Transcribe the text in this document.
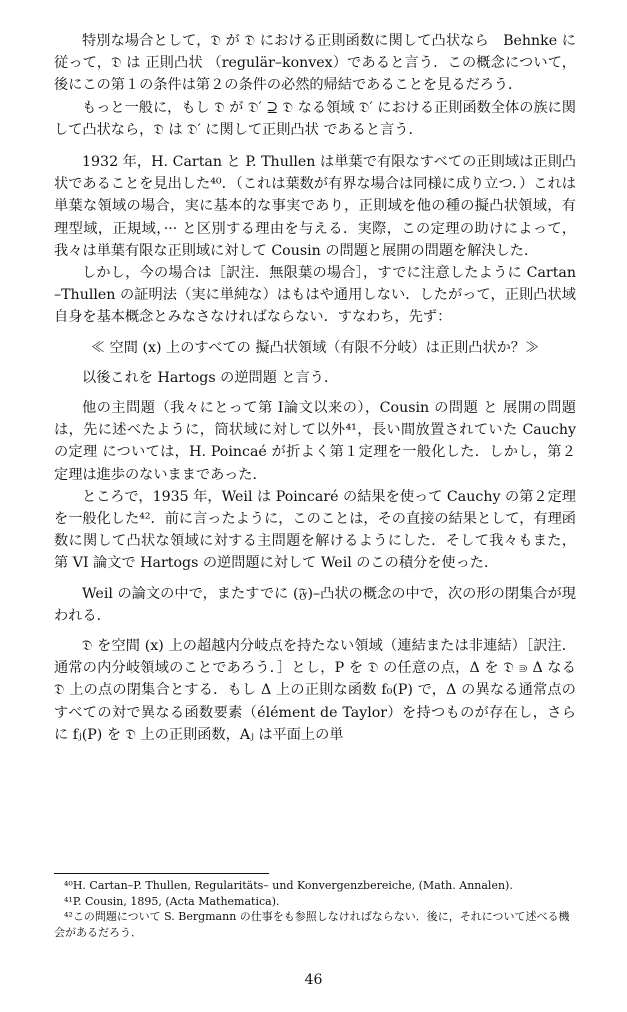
特別な場合として，𝔇 が 𝔇 における正則函数に関して凸状なら　Behnke に従って，𝔇 は 正則凸状 （regulär–konvex）であると言う．この概念について，後にこの第１の条件は第２の条件の必然的帰結であることを見るだろう．

もっと一般に，もし 𝔇 が 𝔇′ ⊇ 𝔇 なる領域 𝔇′ における正則函数全体の族に関して凸状なら，𝔇 は 𝔇′ に関して正則凸状 であると言う．

1932 年，H. Cartan と P. Thullen は単葉で有限なすべての正則域は正則凸状であることを見出した⁴⁰．（これは葉数が有界な場合は同様に成り立つ．）これは単葉な領域の場合，実に基本的な事実であり，正則域を他の種の擬凸状領域，有理型域，正規域，··· と区別する理由を与える．実際，この定理の助けによって，我々は単葉有限な正則域に対して Cousin の問題と展開の問題を解決した．

しかし，今の場合は［訳注．無限葉の場合］，すでに注意したように Cartan–Thullen の証明法（実に単純な）はもはや通用しない．したがって，正則凸状域自身を基本概念とみなさなければならない．すなわち，先ず：

≪ 空間 (x) 上のすべての 擬凸状領域（有限不分岐）は正則凸状か？≫

以後これを Hartogs の逆問題 と言う．

他の主問題（我々にとって第 Ⅰ論文以来の），Cousin の問題 と 展開の問題 は，先に述べたように，筒状域に対して以外⁴¹，長い間放置されていた Cauchy の定理 については，H. Poincaé が折よく第１定理を一般化した．しかし，第２定理は進歩のないままであった．

ところで，1935 年，Weil は Poincaré の結果を使って Cauchy の第２定理を一般化した⁴²．前に言ったように，このことは，その直接の結果として，有理函数に関して凸状な領域に対する主問題を解けるようにした．そして我々もまた，第 VI 論文で Hartogs の逆問題に対して Weil のこの積分を使った．

Weil の論文の中で，またすでに (𝔉)–凸状の概念の中で，次の形の閉集合が現われる．

𝔇 を空間 (x) 上の超越内分岐点を持たない領域（連結または非連結）［訳注．通常の内分岐領域のことであろう．］とし，P を 𝔇 の任意の点，Δ を 𝔇 ⋑ Δ なる 𝔇 上の点の閉集合とする．もし Δ 上の正則な函数 f₀(P) で，Δ の異なる通常点のすべての対で異なる函数要素（élément de Taylor）を持つものが存在し，さらに fⱼ(P) を 𝔇 上の正則函数，Aⱼ は平面上の単

⁴⁰H. Cartan–P. Thullen, Regularitäts– und Konvergenzbereiche, (Math. Annalen).

⁴¹P. Cousin, 1895, (Acta Mathematica).

⁴²この問題について S. Bergmann の仕事をも参照しなければならない．後に，それについて述べる機会があるだろう．

46
